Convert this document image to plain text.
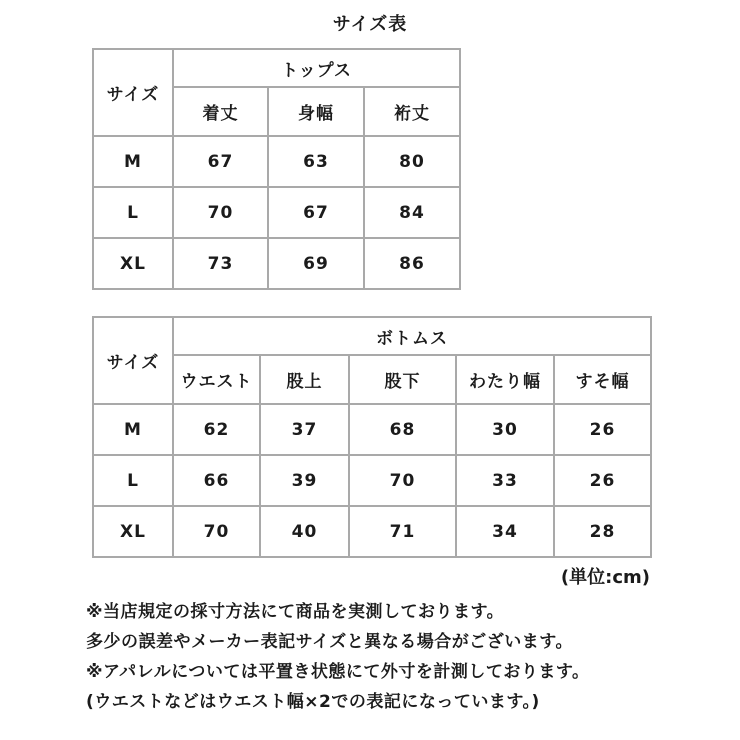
サイズ表
サイズ	トップス		
	着丈	身幅	裄丈
M	67	63	80
L	70	67	84
XL	73	69	86
サイズ	ボトムス				
	ウエスト	股上	股下	わたり幅	すそ幅
M	62	37	68	30	26
L	66	39	70	33	26
XL	70	40	71	34	28
(単位:cm)
※当店規定の採寸方法にて商品を実測しております。
多少の誤差やメーカー表記サイズと異なる場合がございます。
※アパレルについては平置き状態にて外寸を計測しております。
(ウエストなどはウエスト幅×2での表記になっています。)
